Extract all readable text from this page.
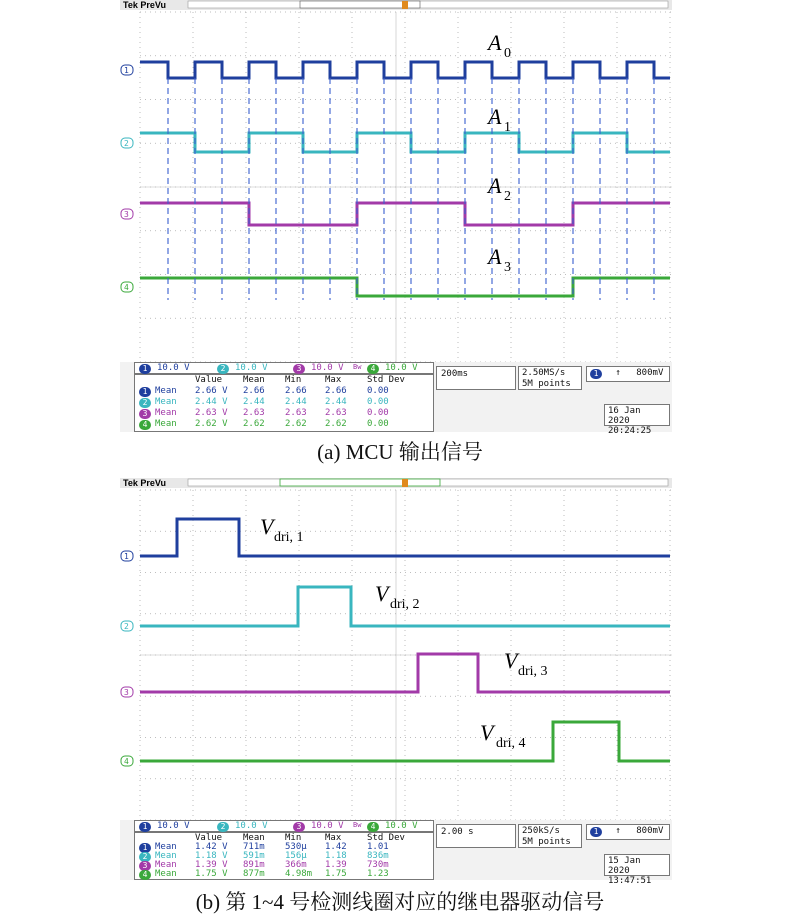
Tek PreVu
1
2
3
4
A 0
A 1
A 2
A 3
1	10.0 V	2	10.0 V	3	10.0 V Bw	4	10.0 V
Value Mean Min	Max	Std Dev
1 Mean 2.66 V 2.66 2.66 2.66 0.00
2 Mean 2.44 V 2.44 2.44 2.44 0.00
3 Mean 2.63 V 2.63 2.63 2.63 0.00
4 Mean 2.62 V 2.62 2.62 2.62 0.00
200ms	2.50MS/s
5M points
1 ↑ 800mV
16 Jan 2020
20:24:25
(a) MCU 输出信号
Tek PreVu
1
2
3
4
V dri, 1
V dri, 2
V dri, 3
V dri, 4
1	10.0 V	2	10.0 V	3	10.0 V Bw	4	10.0 V
Value Mean Min	Max	Std Dev
1 Mean 1.42 V 711m 530µ 1.42 1.01
2 Mean 1.18 V 591m 156µ 1.18 836m
3 Mean 1.39 V 891m 366m 1.39 730m
4 Mean 1.75 V 877m 4.98m 1.75 1.23
2.00 s	250kS/s
5M points
1 ↑ 800mV
15 Jan 2020
13:47:51
(b) 第 1~4 号检测线圈对应的继电器驱动信号
